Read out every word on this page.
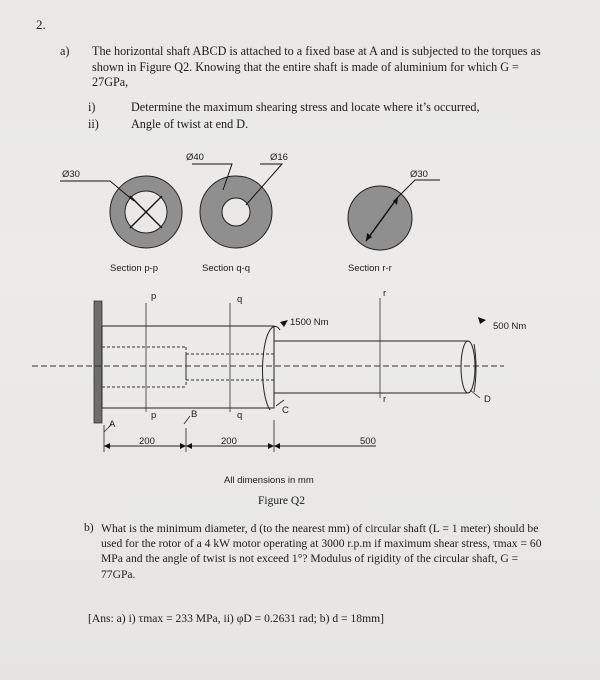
2.
a) The horizontal shaft ABCD is attached to a fixed base at A and is subjected to the torques as shown in Figure Q2. Knowing that the entire shaft is made of aluminium for which G = 27GPa,
i)	Determine the maximum shearing stress and locate where it’s occurred,
ii)	Angle of twist at end D.
Ø30
Ø40	Ø16
Ø30
Section p-p	Section q-q	Section r-r
p	q
r
p	q
r
A
B	C
D
1500 Nm	500 Nm
200	200	500
All dimensions in mm
Figure Q2
b) What is the minimum diameter, d (to the nearest mm) of circular shaft (L = 1 meter) should be used for the rotor of a 4 kW motor operating at 3000 r.p.m if maximum shear stress, τmax = 60 MPa and the angle of twist is not exceed 1°? Modulus of rigidity of the circular shaft, G = 77GPa.
[Ans: a) i) τmax = 233 MPa, ii) φD = 0.2631 rad; b) d = 18mm]
